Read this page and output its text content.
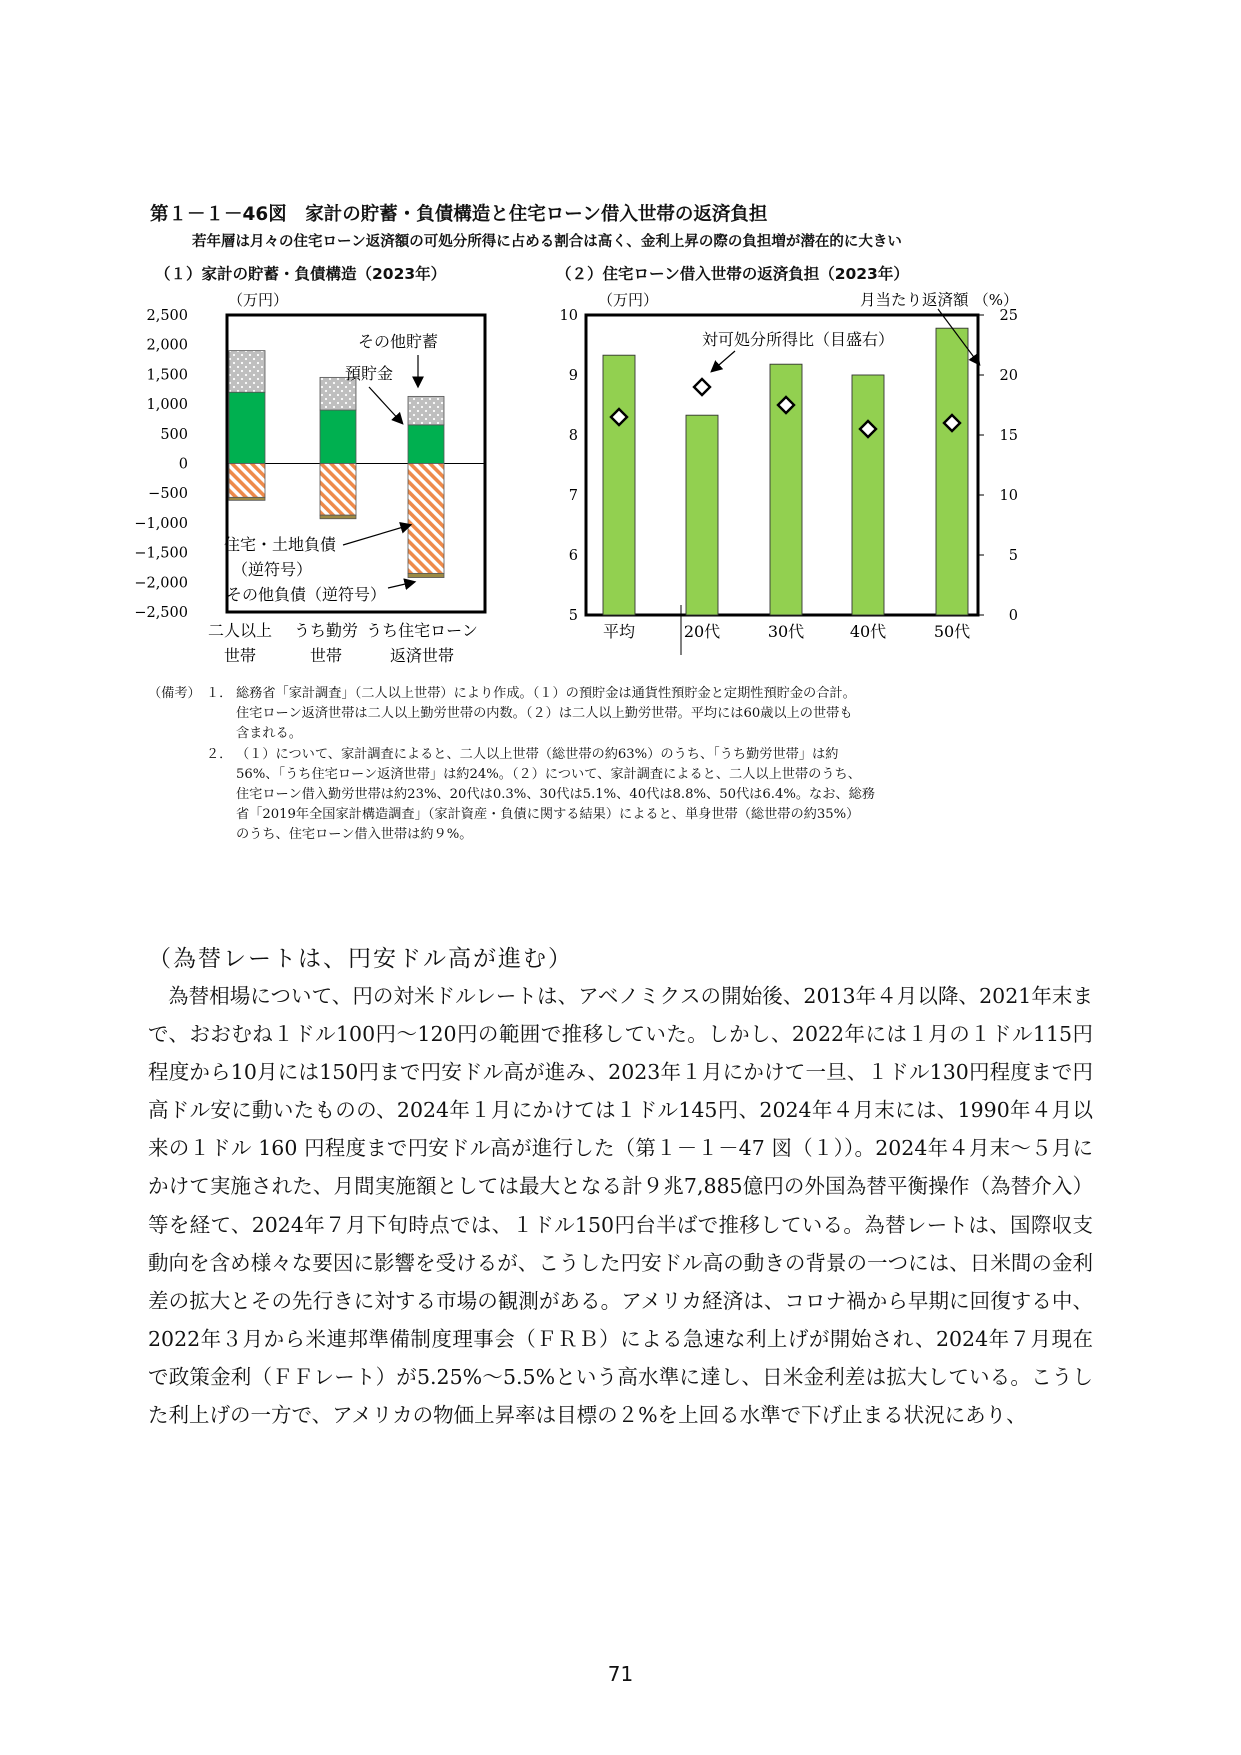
第１－１－46図　家計の貯蓄・負債構造と住宅ローン借入世帯の返済負担
若年層は月々の住宅ローン返済額の可処分所得に占める割合は高く、金利上昇の際の負担増が潜在的に大きい
（１）家計の貯蓄・負債構造（2023年）	（２）住宅ローン借入世帯の返済負担（2023年）
（万円）
2,500
2,000
1,500
1,000
500
0
−500
−1,000
−1,500
−2,000
−2,500
二人以上
世帯
うち勤労
世帯
うち住宅ローン
返済世帯
その他貯蓄
預貯金
住宅・土地負債
（逆符号）
その他負債（逆符号）
（万円）	（%）
10
9
8
7
6
5
25
20
15
10
5
0
平均	20代	30代	40代	50代
月当たり返済額
対可処分所得比（目盛右）
（備考） １． 総務省「家計調査」（二人以上世帯）により作成。（１）の預貯金は通貨性預貯金と定期性預貯金の合計。
住宅ローン返済世帯は二人以上勤労世帯の内数。（２）は二人以上勤労世帯。平均には60歳以上の世帯も
含まれる。
２． （１）について、家計調査によると、二人以上世帯（総世帯の約63%）のうち、「うち勤労世帯」は約
56%、「うち住宅ローン返済世帯」は約24%。（２）について、家計調査によると、二人以上世帯のうち、
住宅ローン借入勤労世帯は約23%、20代は0.3%、30代は5.1%、40代は8.8%、50代は6.4%。なお、総務
省「2019年全国家計構造調査」（家計資産・負債に関する結果）によると、単身世帯（総世帯の約35%）
のうち、住宅ローン借入世帯は約９%。
（為替レートは、円安ドル高が進む）
為替相場について、円の対米ドルレートは、アベノミクスの開始後、2013年４月以降、2021年末まで、おおむね１ドル100円～120円の範囲で推移していた。しかし、2022年には１月の１ドル115円程度から10月には150円まで円安ドル高が進み、2023年１月にかけて一旦、１ドル130円程度まで円高ドル安に動いたものの、2024年１月にかけては１ドル145円、2024年４月末には、1990年４月以来の１ドル 160 円程度まで円安ドル高が進行した（第１－１－47 図（１））。2024年４月末～５月にかけて実施された、月間実施額としては最大となる計９兆7,885億円の外国為替平衡操作（為替介入）等を経て、2024年７月下旬時点では、１ドル150円台半ばで推移している。為替レートは、国際収支動向を含め様々な要因に影響を受けるが、こうした円安ドル高の動きの背景の一つには、日米間の金利差の拡大とその先行きに対する市場の観測がある。アメリカ経済は、コロナ禍から早期に回復する中、2022年３月から米連邦準備制度理事会（ＦＲＢ）による急速な利上げが開始され、2024年７月現在で政策金利（ＦＦレート）が5.25%～5.5%という高水準に達し、日米金利差は拡大している。こうした利上げの一方で、アメリカの物価上昇率は目標の２%を上回る水準で下げ止まる状況にあり、
71
